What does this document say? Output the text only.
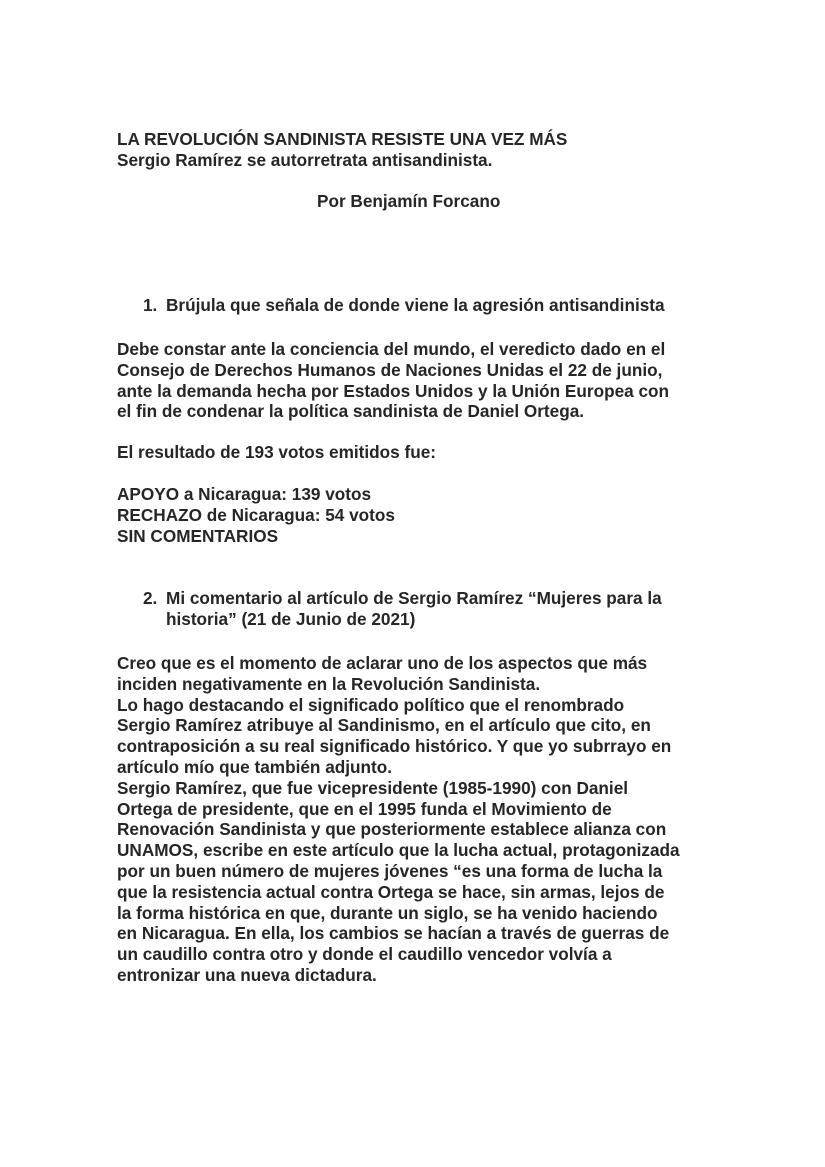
LA REVOLUCIÓN SANDINISTA RESISTE UNA VEZ MÁS
Sergio Ramírez se autorretrata antisandinista.
Por Benjamín Forcano
1. Brújula que señala de donde viene la agresión antisandinista
Debe constar ante la conciencia del mundo, el veredicto dado en el
Consejo de Derechos Humanos de Naciones Unidas el 22 de junio,
ante la demanda hecha por Estados Unidos y la Unión Europea con
el fin de condenar la política sandinista de Daniel Ortega.
El resultado de 193 votos emitidos fue:
APOYO a Nicaragua: 139 votos
RECHAZO de Nicaragua: 54 votos
SIN COMENTARIOS
2. Mi comentario al artículo de Sergio Ramírez “Mujeres para la
historia” (21 de Junio de 2021)
Creo que es el momento de aclarar uno de los aspectos que más
inciden negativamente en la Revolución Sandinista.
Lo hago destacando el significado político que el renombrado
Sergio Ramírez atribuye al Sandinismo, en el artículo que cito, en
contraposición a su real significado histórico. Y que yo subrrayo en
artículo mío que también adjunto.
Sergio Ramírez, que fue vicepresidente (1985-1990) con Daniel
Ortega de presidente, que en el 1995 funda el Movimiento de
Renovación Sandinista y que posteriormente establece alianza con
UNAMOS, escribe en este artículo que la lucha actual, protagonizada
por un buen número de mujeres jóvenes “es una forma de lucha la
que la resistencia actual contra Ortega se hace, sin armas, lejos de
la forma histórica en que, durante un siglo, se ha venido haciendo
en Nicaragua. En ella, los cambios se hacían a través de guerras de
un caudillo contra otro y donde el caudillo vencedor volvía a
entronizar una nueva dictadura.
